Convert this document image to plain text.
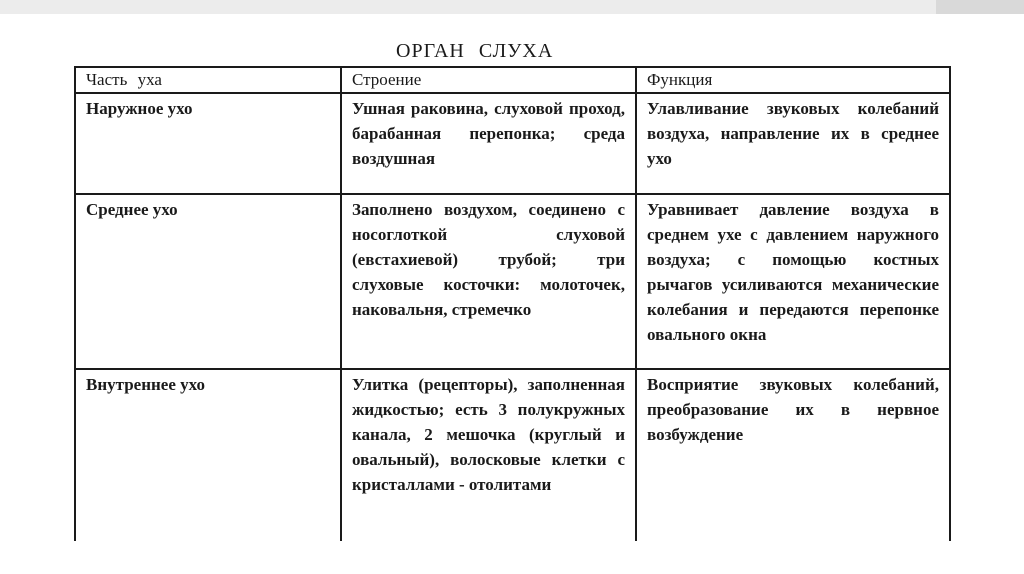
ОРГАН СЛУХА
Часть уха	Строение	Функция
Наружное ухо	Ушная раковина, слуховой проход, барабанная перепонка; среда воздушная	Улавливание звуковых колебаний воздуха, направление их в среднее ухо
Среднее ухо	Заполнено воздухом, соединено с носоглоткой слуховой (евстахиевой) трубой; три слуховые косточки: молоточек, наковальня, стремечко	Уравнивает давление воздуха в среднем ухе с давлением наружного воздуха; с помощью костных рычагов усиливаются механические колебания и передаются перепонке овального окна
Внутреннее ухо	Улитка (рецепторы), заполненная жидкостью; есть 3 полукружных канала, 2 мешочка (круглый и овальный), волосковые клетки с кристаллами - отолитами	Восприятие звуковых колебаний, преобразование их в нервное возбуждение
